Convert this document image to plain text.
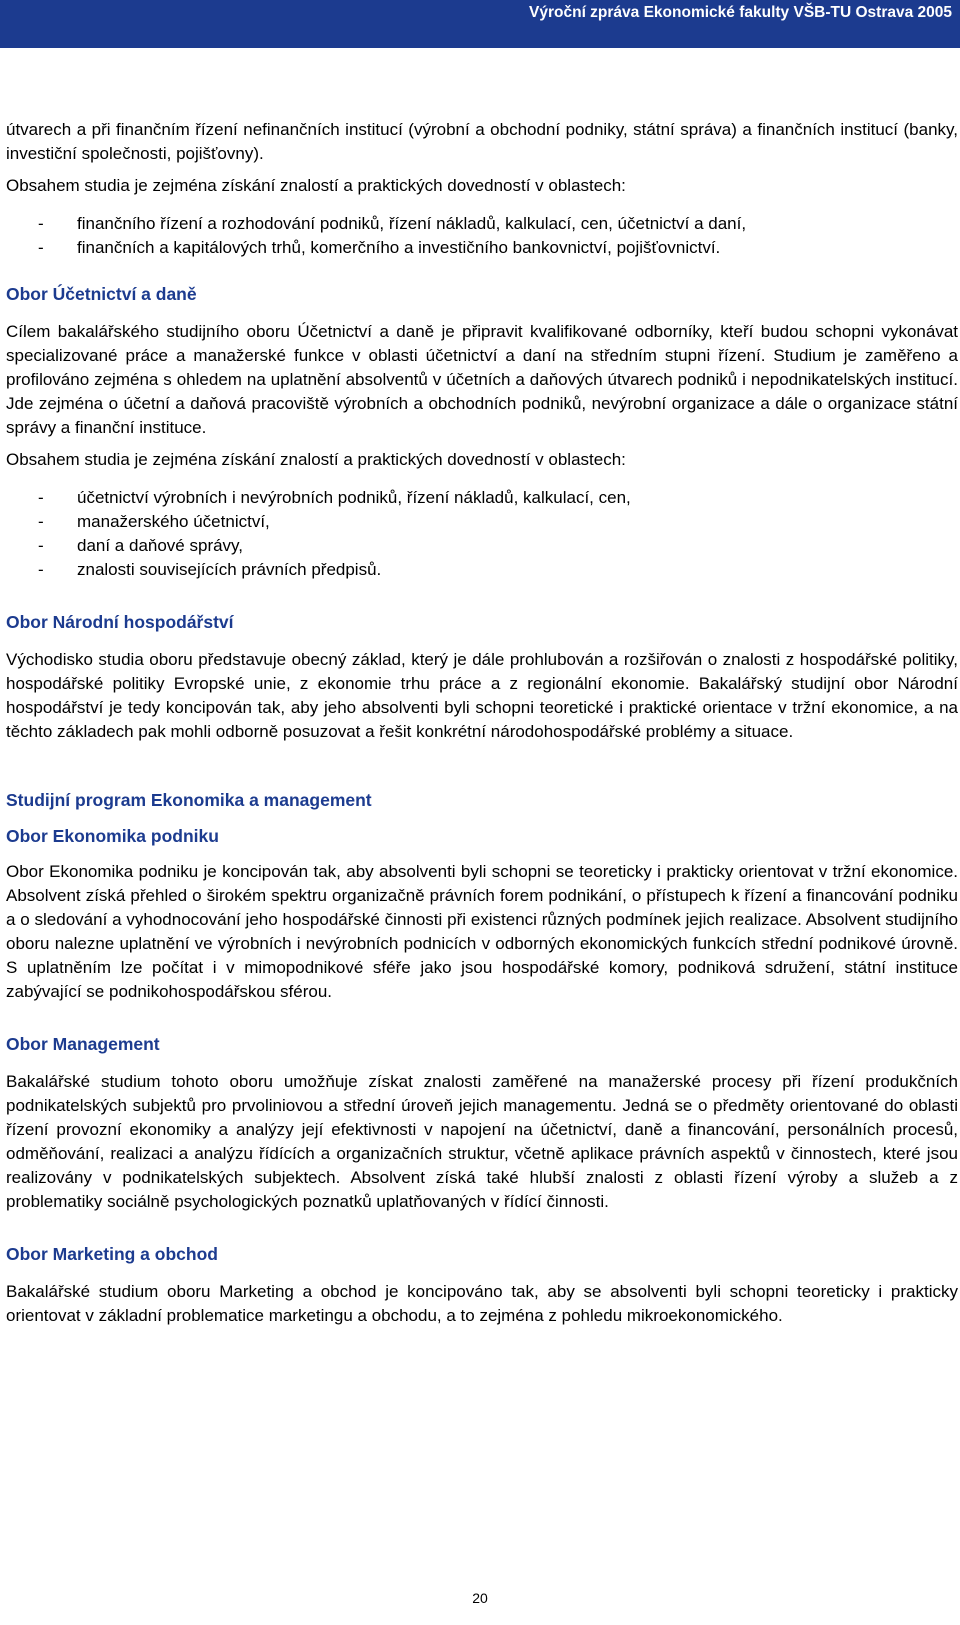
Výroční zpráva Ekonomické fakulty VŠB-TU Ostrava 2005

útvarech a při finančním řízení nefinančních institucí (výrobní a obchodní podniky, státní správa) a finančních institucí (banky, investiční společnosti, pojišťovny).

Obsahem studia je zejména získání znalostí a praktických dovedností v oblastech:

- finančního řízení a rozhodování podniků, řízení nákladů, kalkulací, cen, účetnictví a daní,
- finančních a kapitálových trhů, komerčního a investičního bankovnictví, pojišťovnictví.
Obor Účetnictví a daně

Cílem bakalářského studijního oboru Účetnictví a daně je připravit kvalifikované odborníky, kteří budou schopni vykonávat specializované práce a manažerské funkce v oblasti účetnictví a daní na středním stupni řízení. Studium je zaměřeno a profilováno zejména s ohledem na uplatnění absolventů v účetních a daňových útvarech podniků i nepodnikatelských institucí. Jde zejména o účetní a daňová pracoviště výrobních a obchodních podniků, nevýrobní organizace a dále o organizace státní správy a finanční instituce.

Obsahem studia je zejména získání znalostí a praktických dovedností v oblastech:

- účetnictví výrobních i nevýrobních podniků, řízení nákladů, kalkulací, cen,
- manažerského účetnictví,
- daní a daňové správy,
- znalosti souvisejících právních předpisů.
Obor Národní hospodářství

Východisko studia oboru představuje obecný základ, který je dále prohlubován a rozšiřován o znalosti z hospodářské politiky, hospodářské politiky Evropské unie, z ekonomie trhu práce a z regionální ekonomie. Bakalářský studijní obor Národní hospodářství je tedy koncipován tak, aby jeho absolventi byli schopni teoretické i praktické orientace v tržní ekonomice, a na těchto základech pak mohli odborně posuzovat a řešit konkrétní národohospodářské problémy a situace.

Studijní program Ekonomika a management
Obor Ekonomika podniku

Obor Ekonomika podniku je koncipován tak, aby absolventi byli schopni se teoreticky i prakticky orientovat v tržní ekonomice. Absolvent získá přehled o širokém spektru organizačně právních forem podnikání, o přístupech k řízení a financování podniku a o sledování a vyhodnocování jeho hospodářské činnosti při existenci různých podmínek jejich realizace. Absolvent studijního oboru nalezne uplatnění ve výrobních i nevýrobních podnicích v odborných ekonomických funkcích střední podnikové úrovně. S uplatněním lze počítat i v mimopodnikové sféře jako jsou hospodářské komory, podniková sdružení, státní instituce zabývající se podnikohospodářskou sférou.

Obor Management

Bakalářské studium tohoto oboru umožňuje získat znalosti zaměřené na manažerské procesy při řízení produkčních podnikatelských subjektů pro prvoliniovou a střední úroveň jejich managementu. Jedná se o předměty orientované do oblasti řízení provozní ekonomiky a analýzy její efektivnosti v napojení na účetnictví, daně a financování, personálních procesů, odměňování, realizaci a analýzu řídících a organizačních struktur, včetně aplikace právních aspektů v činnostech, které jsou realizovány v podnikatelských subjektech. Absolvent získá také hlubší znalosti z oblasti řízení výroby a služeb a z problematiky sociálně psychologických poznatků uplatňovaných v řídící činnosti.

Obor Marketing a obchod

Bakalářské studium oboru Marketing a obchod je koncipováno tak, aby se absolventi byli schopni teoreticky i prakticky orientovat v základní problematice marketingu a obchodu, a to zejména z pohledu mikroekonomického.

20
